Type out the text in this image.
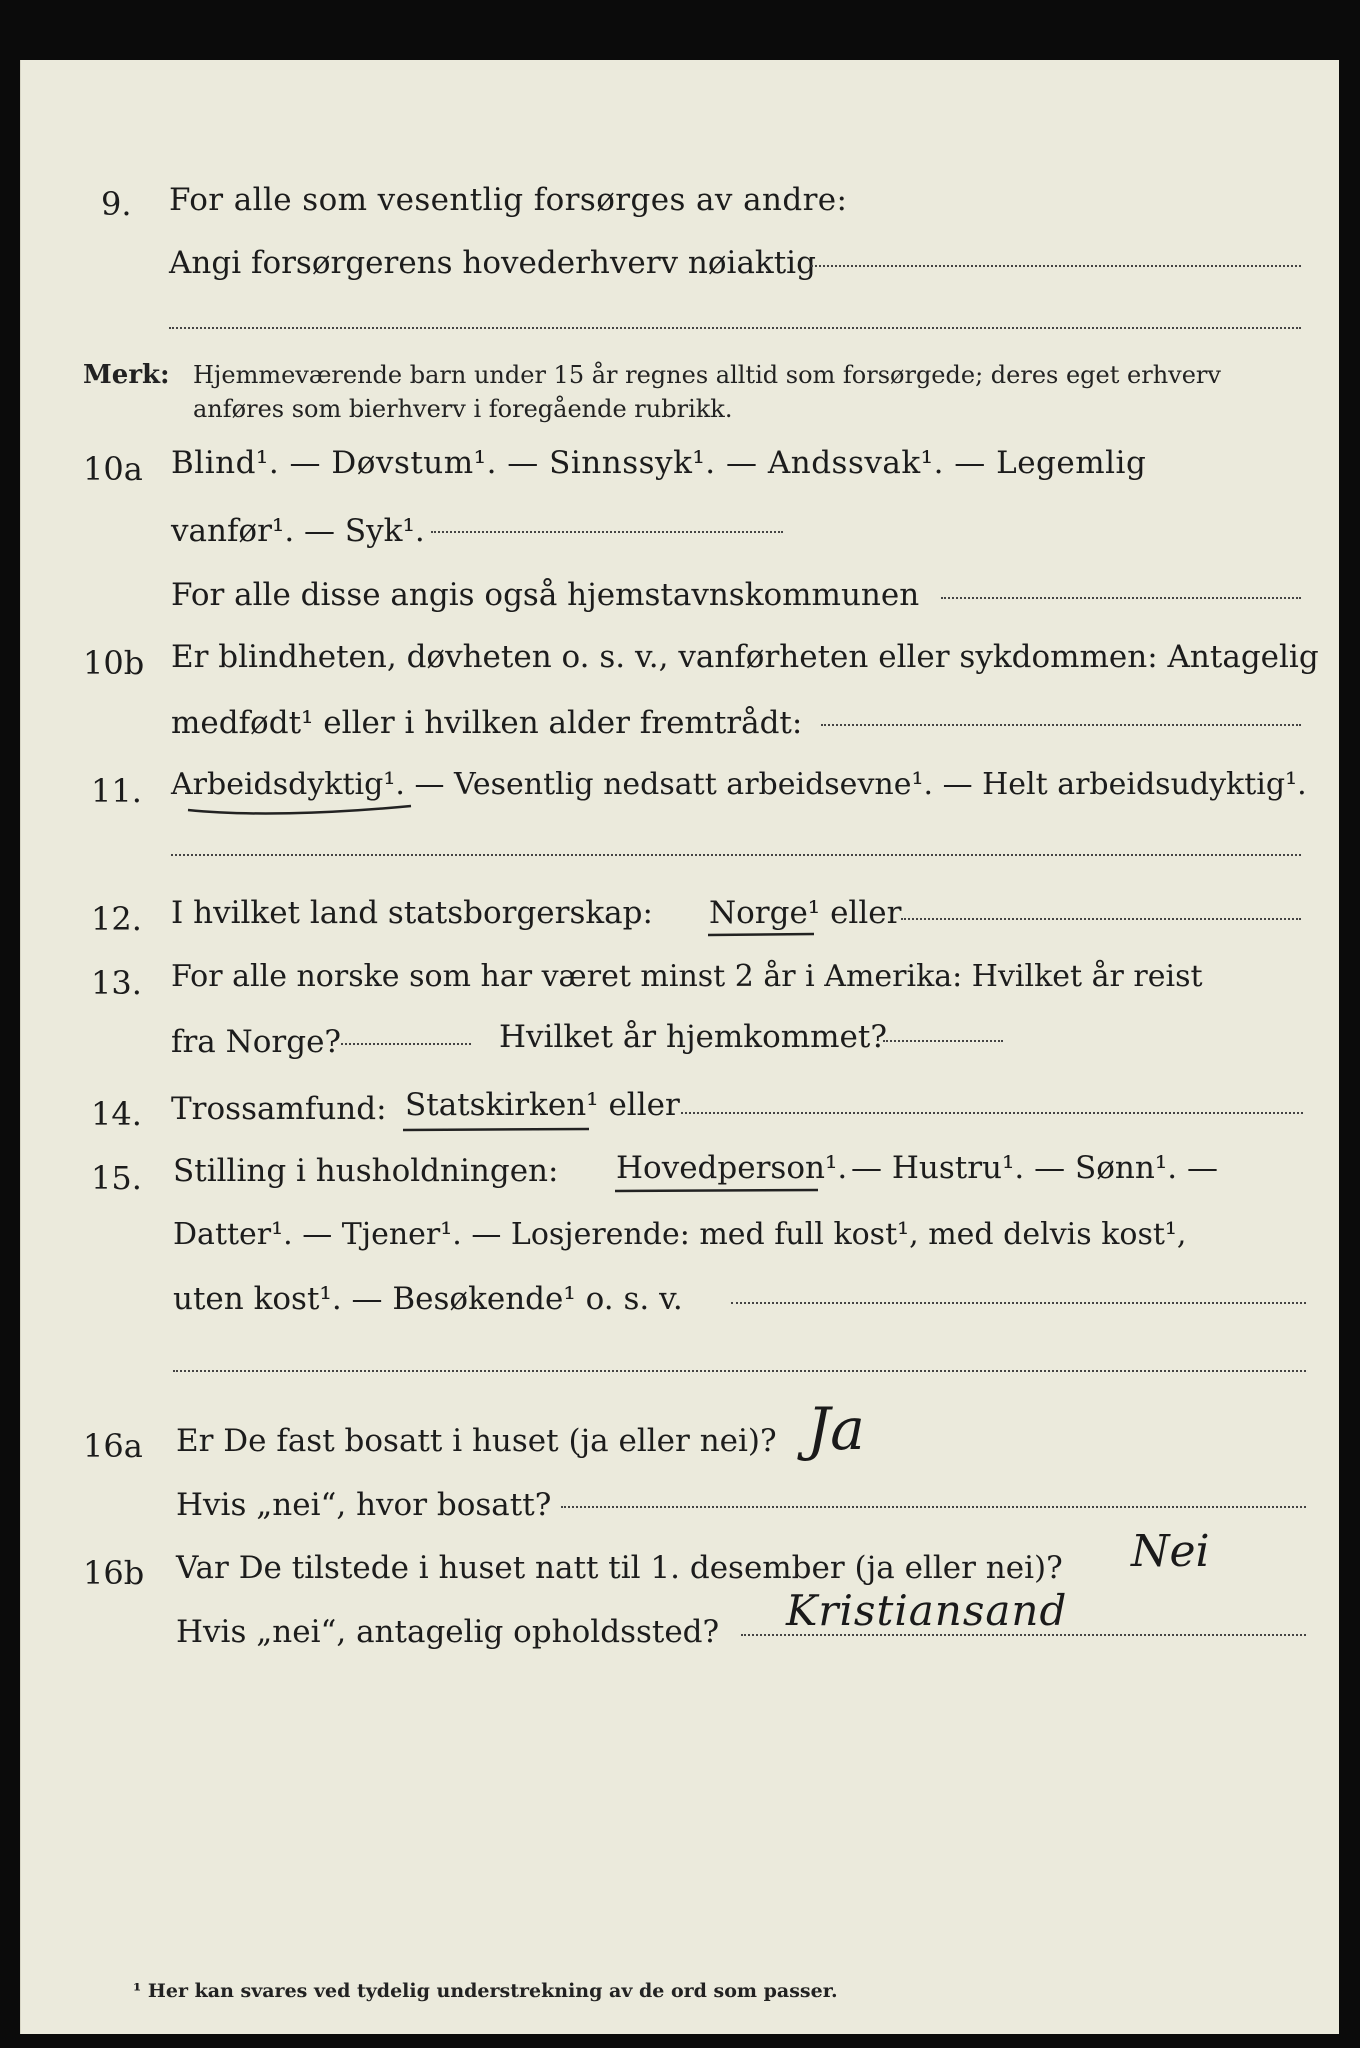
9. For alle som vesentlig forsørges av andre:
Angi forsørgerens hovederhverv nøiaktig
Merk: Hjemmeværende barn under 15 år regnes alltid som forsørgede; deres eget erhverv
anføres som bierhverv i foregående rubrikk.
10a Blind¹. — Døvstum¹. — Sinnssyk¹. — Andssvak¹. — Legemlig
vanfør¹. — Syk¹.
For alle disse angis også hjemstavnskommunen
10b Er blindheten, døvheten o. s. v., vanførheten eller sykdommen: Antagelig
medfødt¹ eller i hvilken alder fremtrådt:
11. Arbeidsdyktig¹. — Vesentlig nedsatt arbeidsevne¹. — Helt arbeidsudyktig¹.
12. I hvilket land statsborgerskap: Norge¹ eller
13. For alle norske som har været minst 2 år i Amerika: Hvilket år reist
fra Norge?	Hvilket år hjemkommet?
14. Trossamfund: Statskirken¹ eller
15. Stilling i husholdningen: Hovedperson¹. — Hustru¹. — Sønn¹. —
Datter¹. — Tjener¹. — Losjerende: med full kost¹, med delvis kost¹,
uten kost¹. — Besøkende¹ o. s. v.
16a Er De fast bosatt i huset (ja eller nei)? Ja
Hvis „nei“, hvor bosatt?
16b Var De tilstede i huset natt til 1. desember (ja eller nei)? Nei
Hvis „nei“, antagelig opholdssted? Kristiansand
¹ Her kan svares ved tydelig understrekning av de ord som passer.
